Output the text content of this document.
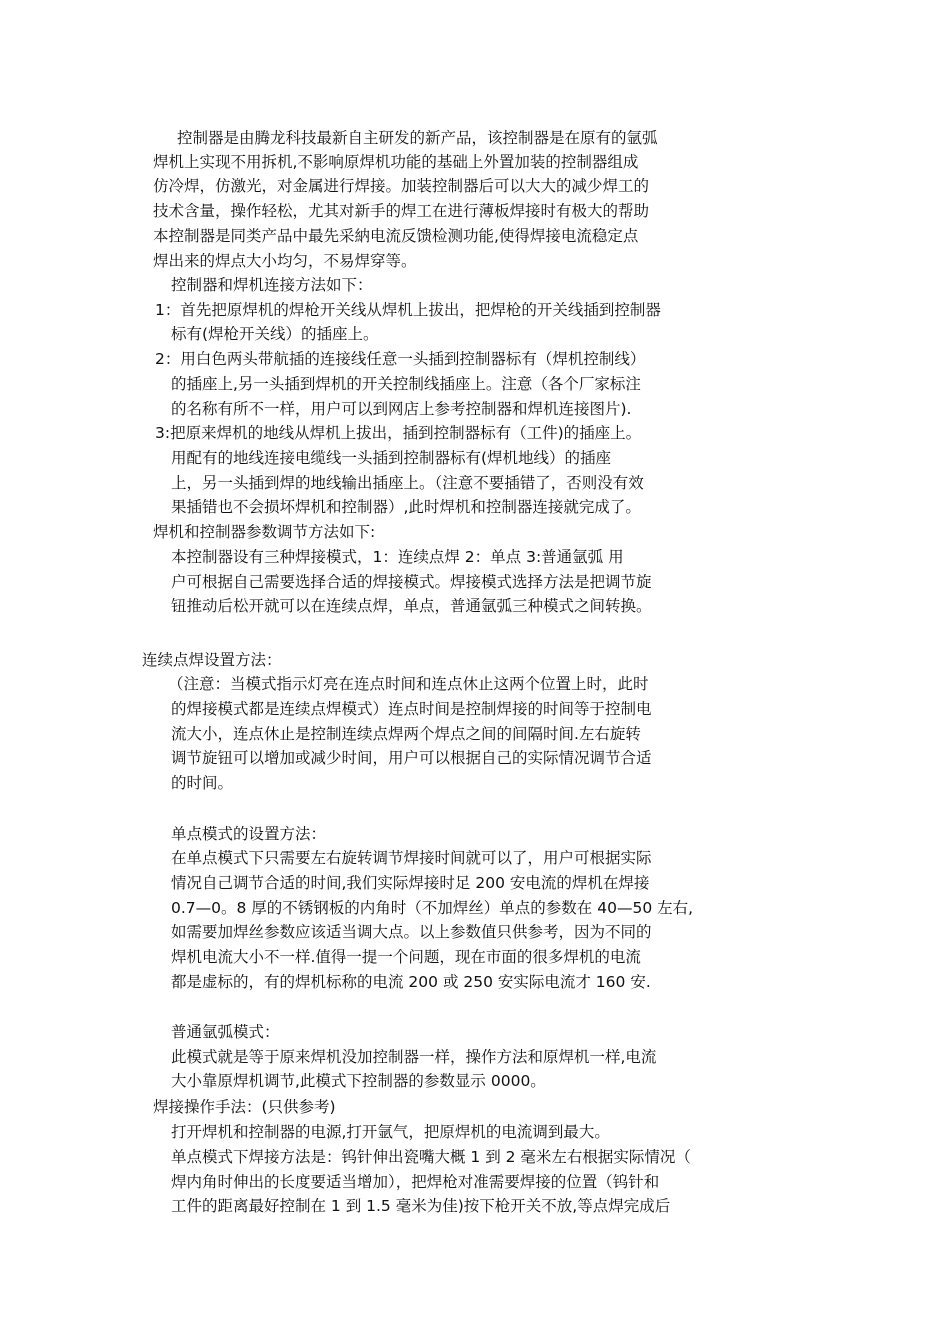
控制器是由腾龙科技最新自主研发的新产品，该控制器是在原有的氩弧
焊机上实现不用拆机,不影响原焊机功能的基础上外置加装的控制器组成
仿冷焊，仿激光，对金属进行焊接。加装控制器后可以大大的减少焊工的
技术含量，操作轻松，尤其对新手的焊工在进行薄板焊接时有极大的帮助
本控制器是同类产品中最先采納电流反馈检测功能,使得焊接电流稳定点
焊出来的焊点大小均匀，不易焊穿等。
控制器和焊机连接方法如下：
1：首先把原焊机的焊枪开关线从焊机上拔出，把焊枪的开关线插到控制器
标有(焊枪开关线）的插座上。
2：用白色两头带航插的连接线任意一头插到控制器标有（焊机控制线）
的插座上,另一头插到焊机的开关控制线插座上。注意（各个厂家标注
的名称有所不一样，用户可以到网店上参考控制器和焊机连接图片).
3:把原来焊机的地线从焊机上拔出，插到控制器标有（工件)的插座上。
用配有的地线连接电缆线一头插到控制器标有(焊机地线）的插座
上，另一头插到焊的地线输出插座上。（注意不要插错了，否则没有效
果插错也不会损坏焊机和控制器）,此时焊机和控制器连接就完成了。
焊机和控制器参数调节方法如下:
本控制器设有三种焊接模式，1：连续点焊 2：单点 3:普通氩弧 用
户可根据自己需要选择合适的焊接模式。焊接模式选择方法是把调节旋
钮推动后松开就可以在连续点焊，单点，普通氩弧三种模式之间转换。
连续点焊设置方法：
（注意：当模式指示灯亮在连点时间和连点休止这两个位置上时，此时
的焊接模式都是连续点焊模式）连点时间是控制焊接的时间等于控制电
流大小，连点休止是控制连续点焊两个焊点之间的间隔时间.左右旋转
调节旋钮可以增加或减少时间，用户可以根据自己的实际情况调节合适
的时间。
单点模式的设置方法：
在单点模式下只需要左右旋转调节焊接时间就可以了，用户可根据实际
情况自己调节合适的时间,我们实际焊接时足 200 安电流的焊机在焊接
0.7—0。8 厚的不锈钢板的内角时（不加焊丝）单点的参数在 40—50 左右,
如需要加焊丝参数应该适当调大点。以上参数值只供参考，因为不同的
焊机电流大小不一样.值得一提一个问题，现在市面的很多焊机的电流
都是虚标的，有的焊机标称的电流 200 或 250 安实际电流才 160 安.
普通氩弧模式：
此模式就是等于原来焊机没加控制器一样，操作方法和原焊机一样,电流
大小靠原焊机调节,此模式下控制器的参数显示 0000。
焊接操作手法：(只供参考)
打开焊机和控制器的电源,打开氩气，把原焊机的电流调到最大。
单点模式下焊接方法是：钨针伸出瓷嘴大概 1 到 2 毫米左右根据实际情况（
焊内角时伸出的长度要适当增加），把焊枪对准需要焊接的位置（钨针和
工件的距离最好控制在 1 到 1.5 毫米为佳)按下枪开关不放,等点焊完成后
